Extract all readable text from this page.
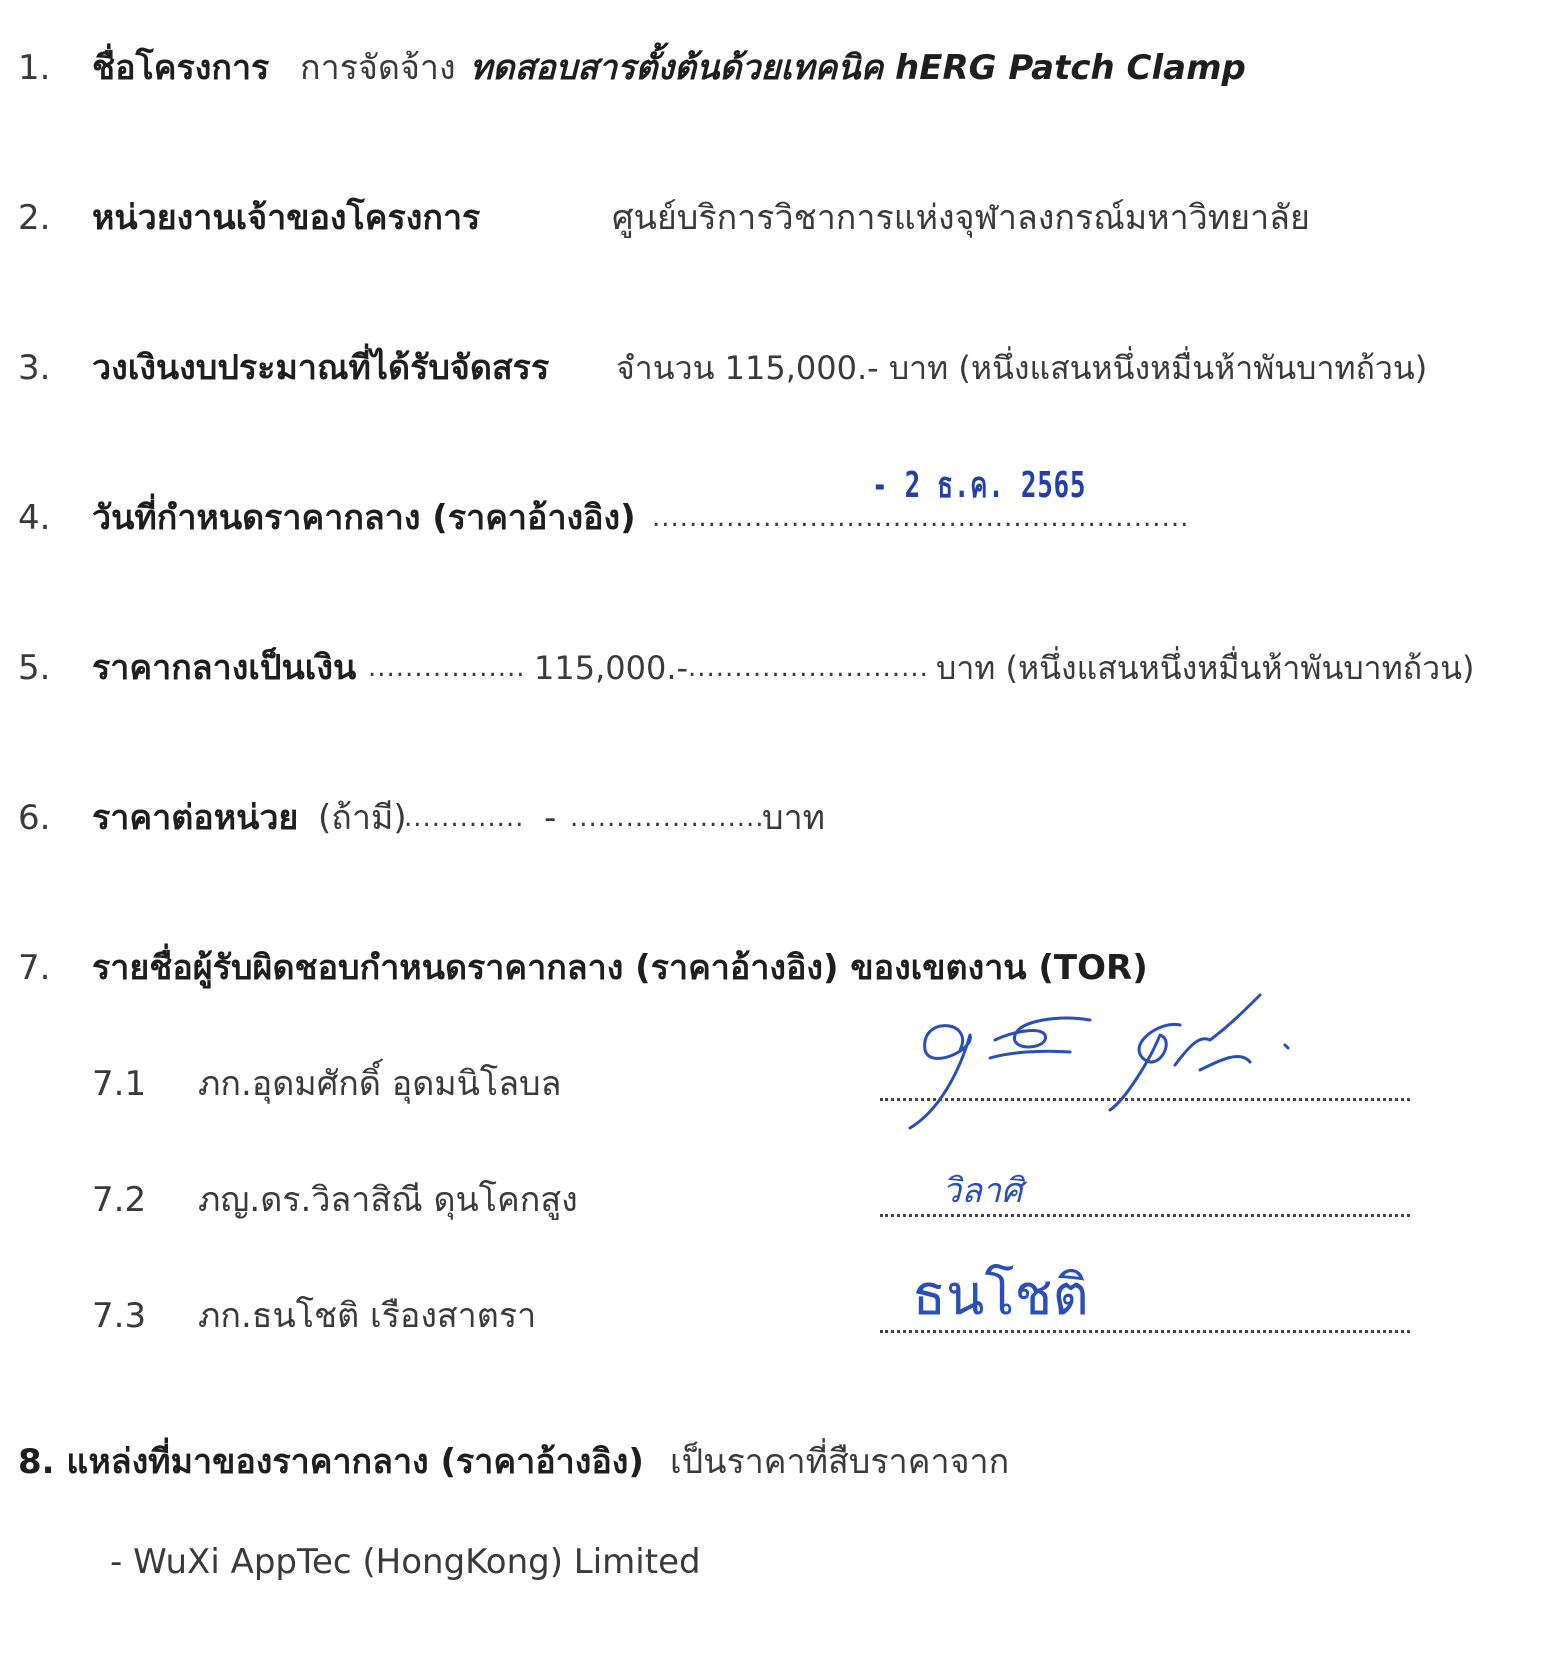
1. ชื่อโครงการ การจัดจ้าง ทดสอบสารตั้งต้นด้วยเทคนิค hERG Patch Clamp
2. หน่วยงานเจ้าของโครงการ	ศูนย์บริการวิชาการแห่งจุฬาลงกรณ์มหาวิทยาลัย
3. วงเงินงบประมาณที่ได้รับจัดสรร จำนวน 115,000.- บาท (หนึ่งแสนหนึ่งหมื่นห้าพันบาทถ้วน)
- 2 ธ.ค. 2565
4. วันที่กำหนดราคากลาง (ราคาอ้างอิง) ..........................................................
5. ราคากลางเป็นเงิน ................. 115,000.- .......................... บาท (หนึ่งแสนหนึ่งหมื่นห้าพันบาทถ้วน)
6. ราคาต่อหน่วย (ถ้ามี)
............. - .....................
บาท
7. รายชื่อผู้รับผิดชอบกำหนดราคากลาง (ราคาอ้างอิง) ของเขตงาน (TOR)
7.1 ภก.อุดมศักดิ์ อุดมนิโลบล
7.2 ภญ.ดร.วิลาสิณี ดุนโคกสูง
7.3 ภก.ธนโชติ เรืองสาตรา
วิลาศิ
ธนโชติ
8. แหล่งที่มาของราคากลาง (ราคาอ้างอิง) เป็นราคาที่สืบราคาจาก
- WuXi AppTec (HongKong) Limited
